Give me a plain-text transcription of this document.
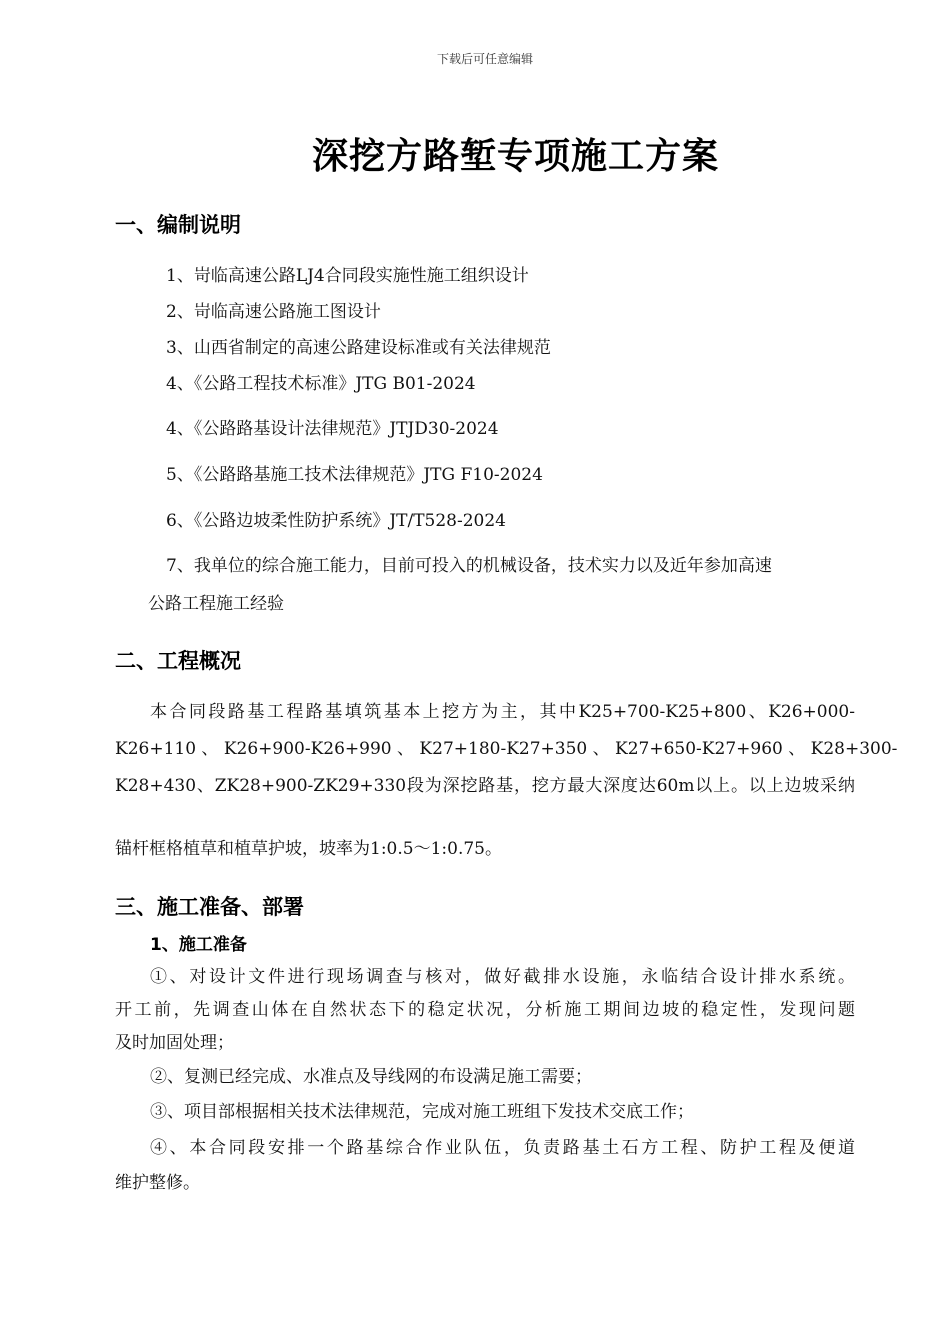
下载后可任意编辑
深挖方路堑专项施工方案
一、编制说明
1、岢临高速公路LJ4合同段实施性施工组织设计
2、岢临高速公路施工图设计
3、山西省制定的高速公路建设标准或有关法律规范
4、《公路工程技术标准》JTG B01-2024
4、《公路路基设计法律规范》JTJD30-2024
5、《公路路基施工技术法律规范》JTG F10-2024
6、《公路边坡柔性防护系统》JT/T528-2024
7、我单位的综合施工能力，目前可投入的机械设备，技术实力以及近年参加高速
公路工程施工经验
二、工程概况
本合同段路基工程路基填筑基本上挖方为主，其中K25+700-K25+800、K26+000-
K26+110 、 K26+900-K26+990 、 K27+180-K27+350 、 K27+650-K27+960 、 K28+300-
K28+430、ZK28+900-ZK29+330段为深挖路基，挖方最大深度达60m以上。以上边坡采纳
锚杆框格植草和植草护坡，坡率为1:0.5～1:0.75。
三、施工准备、部署
1、施工准备
①、对设计文件进行现场调查与核对，做好截排水设施，永临结合设计排水系统。
开工前，先调查山体在自然状态下的稳定状况，分析施工期间边坡的稳定性，发现问题
及时加固处理；
②、复测已经完成、水准点及导线网的布设满足施工需要；
③、项目部根据相关技术法律规范，完成对施工班组下发技术交底工作；
④、本合同段安排一个路基综合作业队伍，负责路基土石方工程、防护工程及便道
维护整修。
